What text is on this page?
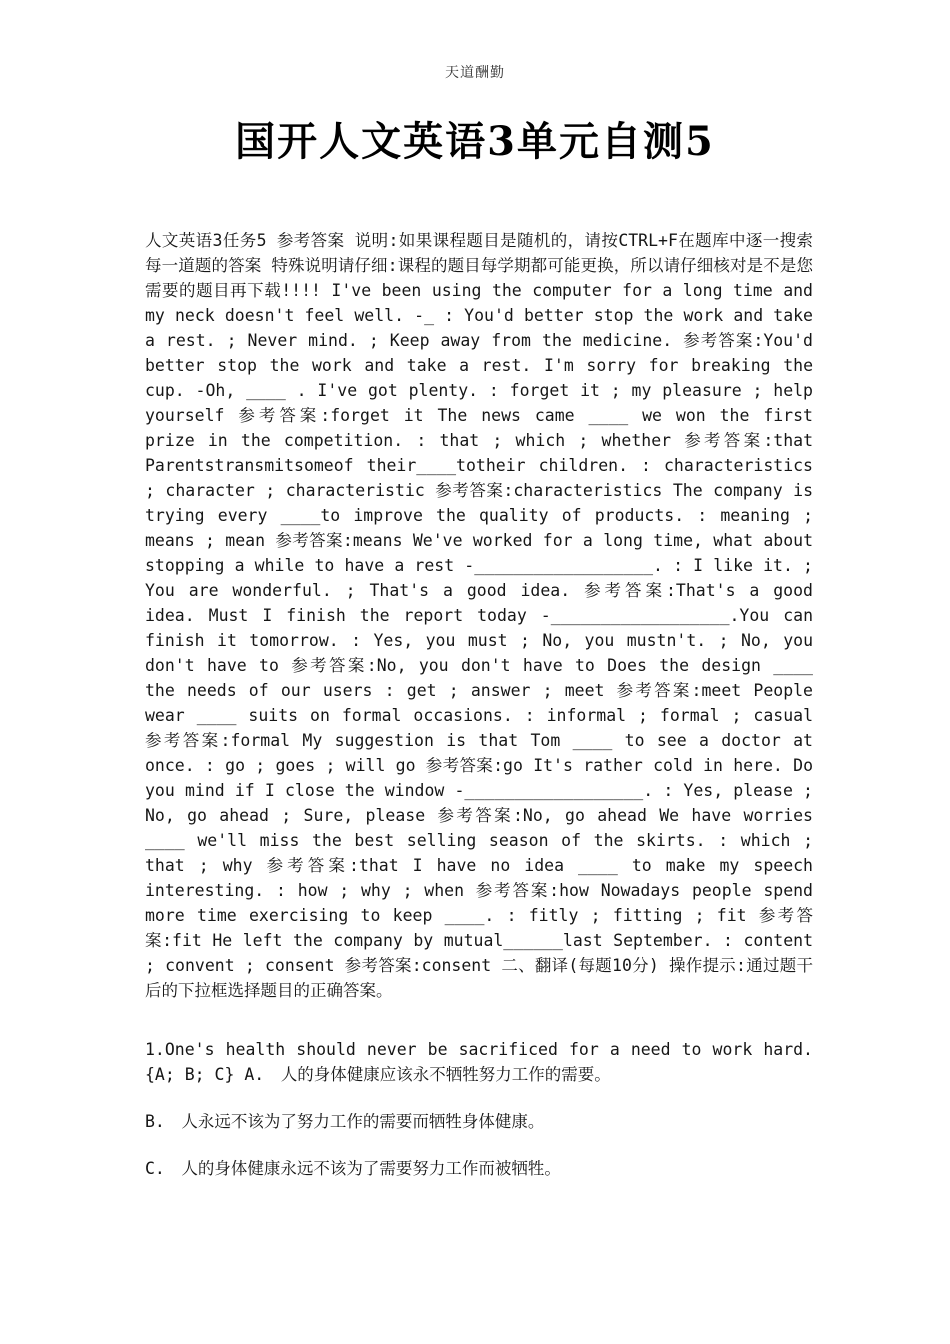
天道酬勤
国开人文英语3单元自测5

人文英语3任务5 参考答案 说明:如果课程题目是随机的，请按CTRL+F在题库中逐一搜索每一道题的答案 特殊说明请仔细:课程的题目每学期都可能更换，所以请仔细核对是不是您需要的题目再下载!!!! I've been using the computer for a long time and my neck doesn't feel well. -_ : You'd better stop the work and take a rest. ; Never mind. ; Keep away from the medicine. 参考答案:You'd better stop the work and take a rest. I'm sorry for breaking the cup. -Oh, ____ . I've got plenty. : forget it ; my pleasure ; help yourself 参考答案:forget it The news came ____ we won the first prize in the competition. : that ; which ; whether 参考答案:that Parentstransmitsomeof their____totheir children. : characteristics ; character ; characteristic 参考答案:characteristics The company is trying every ____to improve the quality of products. : meaning ; means ; mean 参考答案:means We've worked for a long time, what about stopping a while to have a rest -__________________. : I like it. ; You are wonderful. ; That's a good idea. 参考答案:That's a good idea. Must I finish the report today -__________________.You can finish it tomorrow. : Yes, you must ; No, you mustn't. ; No, you don't have to 参考答案:No, you don't have to Does the design ____ the needs of our users : get ; answer ; meet 参考答案:meet People wear ____ suits on formal occasions. : informal ; formal ; casual 参考答案:formal My suggestion is that Tom ____ to see a doctor at once. : go ; goes ; will go 参考答案:go It's rather cold in here. Do you mind if I close the window -__________________. : Yes, please ; No, go ahead ; Sure, please 参考答案:No, go ahead We have worries ____ we'll miss the best selling season of the skirts. : which ; that ; why 参考答案:that I have no idea ____ to make my speech interesting. : how ; why ; when 参考答案:how Nowadays people spend more time exercising to keep ____. : fitly ; fitting ; fit 参考答案:fit He left the company by mutual______last September. : content ; convent ; consent 参考答案:consent 二、翻译(每题10分) 操作提示:通过题干后的下拉框选择题目的正确答案。

1.One's health should never be sacrificed for a need to work hard. {A; B; C} A.　人的身体健康应该永不牺牲努力工作的需要。

B.　人永远不该为了努力工作的需要而牺牲身体健康。

C.　人的身体健康永远不该为了需要努力工作而被牺牲。
